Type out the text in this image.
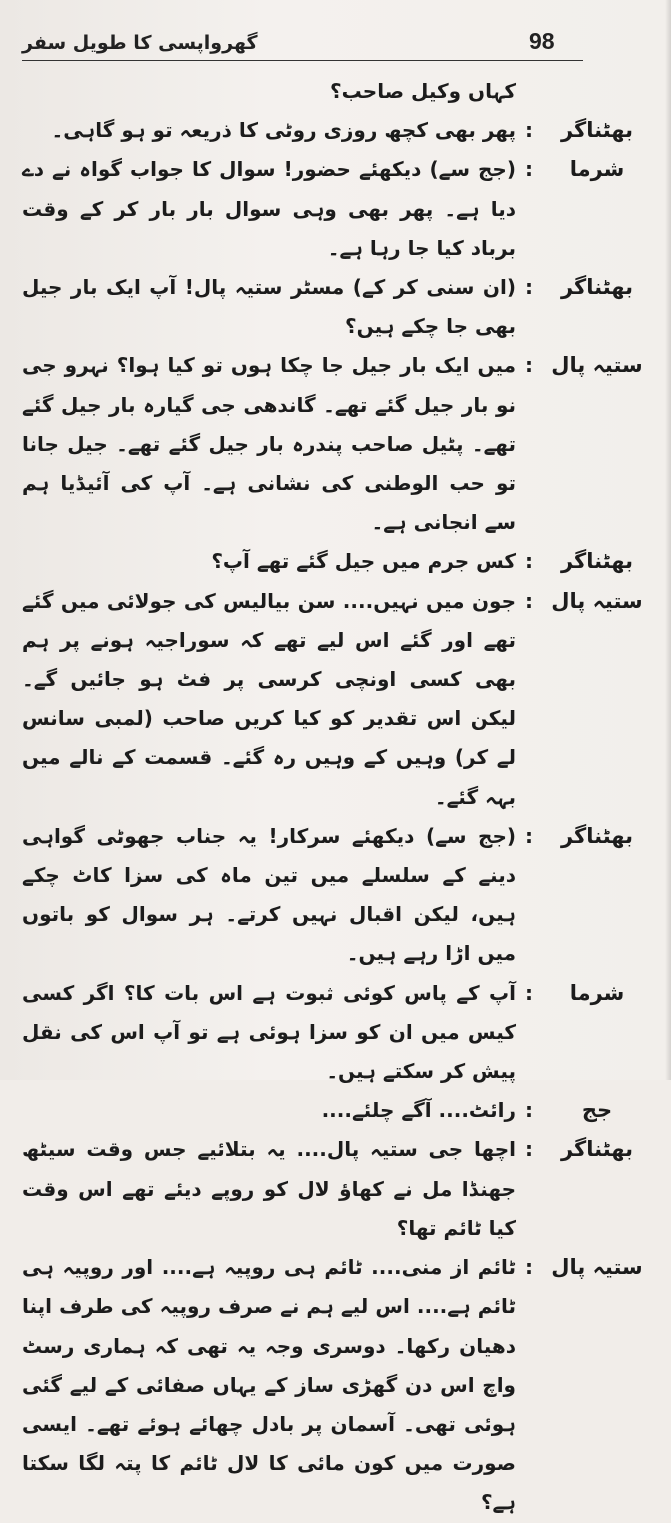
98
گھرواپسی کا طویل سفر
کہاں وکیل صاحب؟
بھٹناگر
:
پھر بھی کچھ روزی روٹی کا ذریعہ تو ہو گاہی۔
شرما
:
(جج سے) دیکھئے حضور! سوال کا جواب گواہ نے دے دیا ہے۔ پھر بھی وہی سوال بار بار کر کے وقت برباد کیا جا رہا ہے۔
بھٹناگر
:
(ان سنی کر کے) مسٹر ستیہ پال! آپ ایک بار جیل بھی جا چکے ہیں؟
ستیہ پال
:
میں ایک بار جیل جا چکا ہوں تو کیا ہوا؟ نہرو جی نو بار جیل گئے تھے۔ گاندھی جی گیارہ بار جیل گئے تھے۔ پٹیل صاحب پندرہ بار جیل گئے تھے۔ جیل جانا تو حب الوطنی کی نشانی ہے۔ آپ کی آئیڈیا ہم سے انجانی ہے۔
بھٹناگر
:
کس جرم میں جیل گئے تھے آپ؟
ستیہ پال
:
جون میں نہیں.... سن بیالیس کی جولائی میں گئے تھے اور گئے اس لیے تھے کہ سوراجیہ ہونے پر ہم بھی کسی اونچی کرسی پر فٹ ہو جائیں گے۔ لیکن اس تقدیر کو کیا کریں صاحب (لمبی سانس لے کر) وہیں کے وہیں رہ گئے۔ قسمت کے نالے میں بہہ گئے۔
بھٹناگر
:
(جج سے) دیکھئے سرکار! یہ جناب جھوٹی گواہی دینے کے سلسلے میں تین ماہ کی سزا کاٹ چکے ہیں، لیکن اقبال نہیں کرتے۔ ہر سوال کو باتوں میں اڑا رہے ہیں۔
شرما
:
آپ کے پاس کوئی ثبوت ہے اس بات کا؟ اگر کسی کیس میں ان کو سزا ہوئی ہے تو آپ اس کی نقل پیش کر سکتے ہیں۔
جج
:
رائٹ.... آگے چلئے....
بھٹناگر
:
اچھا جی ستیہ پال.... یہ بتلائیے جس وقت سیٹھ جھنڈا مل نے کھاؤ لال کو روپے دیئے تھے اس وقت کیا ٹائم تھا؟
ستیہ پال
:
ٹائم از منی.... ٹائم ہی روپیہ ہے.... اور روپیہ ہی ٹائم ہے.... اس لیے ہم نے صرف روپیہ کی طرف اپنا دھیان رکھا۔ دوسری وجہ یہ تھی کہ ہماری رسٹ واچ اس دن گھڑی ساز کے یہاں صفائی کے لیے گئی ہوئی تھی۔ آسمان پر بادل چھائے ہوئے تھے۔ ایسی صورت میں کون مائی کا لال ٹائم کا پتہ لگا سکتا ہے؟
